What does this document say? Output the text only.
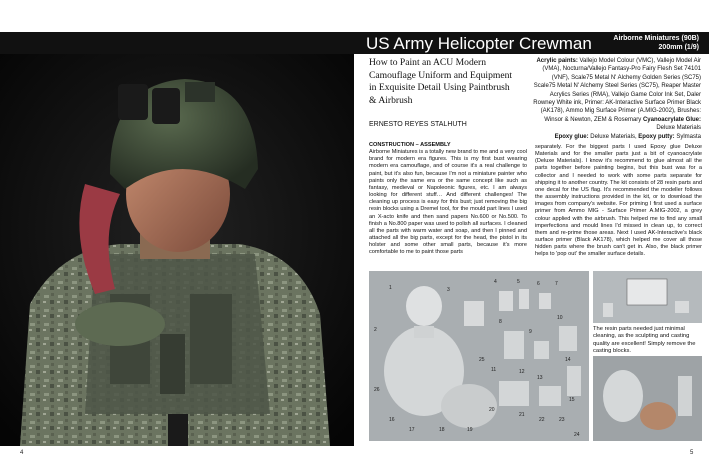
US Army Helicopter Crewman	Airborne Miniatures (90B)
200mm (1/9)
4	5
How to Paint an ACU Modern Camouflage Uniform and Equipment in Exquisite Detail Using Paintbrush & Airbrush
ERNESTO REYES STALHUTH
Acrylic paints: Vallejo Model Colour (VMC), Vallejo Model Air (VMA), Nocturna/Vallejo Fantasy-Pro Fairy Flesh Set 74101 (VNF), Scale75 Metal N' Alchemy Golden Series (SC75) Scale75 Metal N' Alchemy Steel Series (SC75), Reaper Master Acrylics Series (RMA), Vallejo Game Color Ink Set, Daler Rowney White ink, Primer: AK-Interactive Surface Primer Black (AK178), Ammo Mig Surface Primer (A.MIG-2002), Brushes: Winsor & Newton, ZEM & Rosemary Cyanoacrylate Glue: Deluxe Materials
Epoxy glue: Deluxe Materials, Epoxy putty: Sylmasta
CONSTRUCTION – ASSEMBLY
Airborne Miniatures is a totally new brand to me and a very cool brand for modern era figures. This is my first bust wearing modern era camouflage, and of course it's a real challenge to paint, but it's also fun, because I'm not a miniature painter who paints only the same era or the same concept like such as fantasy, medieval or Napoleonic figures, etc. I am always looking for different stuff… And different challenges! The cleaning up process is easy for this bust; just removing the big resin blocks using a Dremel tool, for the mould part lines I used an X-acto knife and then sand papers No.600 or No.500. To finish a No.800 paper was used to polish all surfaces. I cleaned all the parts with warm water and soap, and then I pinned and attached all the big parts, except for the head, the pistol in its holster and some other small parts, because it's more comfortable to me to paint those parts
separately. For the biggest parts I used Epoxy glue Deluxe Materials and for the smaller parts just a bit of cyanoacrylate (Deluxe Materials). I know it's recommend to glue almost all the parts together before painting begins, but this bust was for a collector and I needed to work with some parts separate for shipping it to another country. The kit consists of 28 resin parts and one decal for the US flag. It's recommended the modeller follows the assembly instructions provided in the kit, or to download the images from company's website. For priming I first used a surface primer from Ammo MIG - Surface Primer A.MIG-2002, a grey colour applied with the airbrush. This helped me to find any small imperfections and mould lines I'd missed in clean up, to correct them and re-prime those areas. Next I used AK-Interactive's black surface primer (Black AK178), which helped me cover all those hidden parts where the brush can't get in. Also, the black primer helps to 'pop out' the smaller surface details.
1
2
3
4	5	6	7
8
9
10
11	12
13
14
15
16
17	18	19
20
21
22	23
24
25
26
The resin parts needed just minimal cleaning, as the sculpting and casting quality are excellent! Simply remove the casting blocks.
